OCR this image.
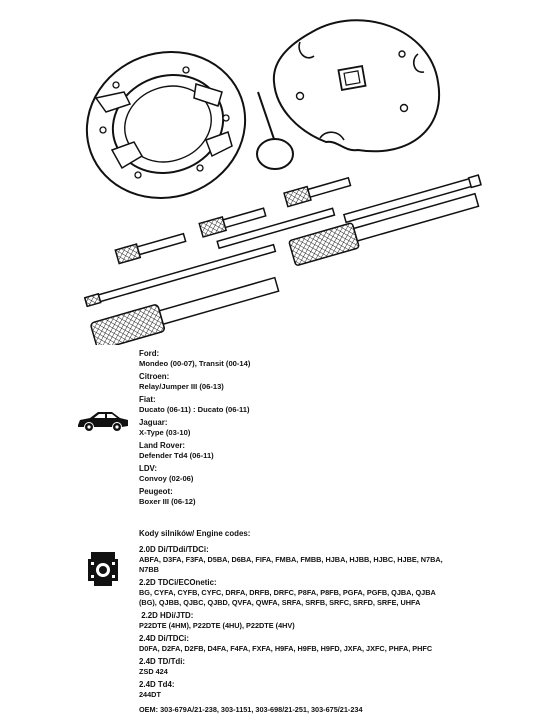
Ford:
Mondeo (00-07), Transit (00-14)
Citroen:
Relay/Jumper III (06-13)
Fiat:
Ducato (06-11) : Ducato (06-11)
Jaguar:
X-Type (03-10)
Land Rover:
Defender Td4 (06-11)
LDV:
Convoy (02-06)
Peugeot:
Boxer III (06-12)
Kody silników/ Engine codes:
2.0D Di/TDdi/TDCi:
ABFA, D3FA, F3FA, D5BA, D6BA, FIFA, FMBA, FMBB, HJBA, HJBB, HJBC, HJBE, N7BA,
N7BB
2.2D TDCi/ECOnetic:
BG, CYFA, CYFB, CYFC, DRFA, DRFB, DRFC, P8FA, P8FB, PGFA, PGFB, QJBA, QJBA
(BG), QJBB, QJBC, QJBD, QVFA, QWFA, SRFA, SRFB, SRFC, SRFD, SRFE, UHFA
2.2D HDi/JTD:
P22DTE (4HM), P22DTE (4HU), P22DTE (4HV)
2.4D Di/TDCi:
D0FA, D2FA, D2FB, D4FA, F4FA, FXFA, H9FA, H9FB, H9FD, JXFA, JXFC, PHFA, PHFC
2.4D TD/Tdi:
ZSD 424
2.4D Td4:
244DT
OEM: 303-679A/21-238, 303-1151, 303-698/21-251, 303-675/21-234
